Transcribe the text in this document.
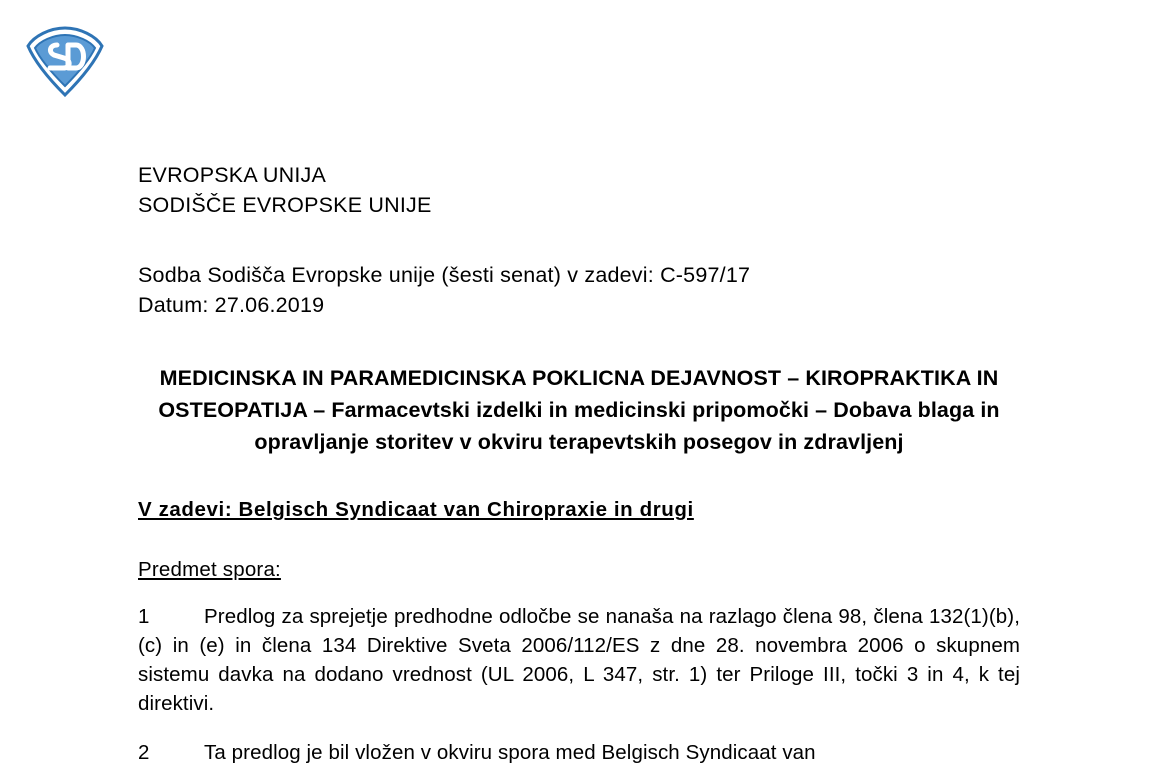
EVROPSKA UNIJA
SODIŠČE EVROPSKE UNIJE
Sodba Sodišča Evropske unije (šesti senat) v zadevi: C-597/17
Datum: 27.06.2019
MEDICINSKA IN PARAMEDICINSKA POKLICNA DEJAVNOST – KIROPRAKTIKA IN OSTEOPATIJA – Farmacevtski izdelki in medicinski pripomočki – Dobava blaga in opravljanje storitev v okviru terapevtskih posegov in zdravljenj
V zadevi: Belgisch Syndicaat van Chiropraxie in drugi
Predmet spora:
1	Predlog za sprejetje predhodne odločbe se nanaša na razlago člena 98, člena 132(1)(b), (c) in (e) in člena 134 Direktive Sveta 2006/112/ES z dne 28. novembra 2006 o skupnem sistemu davka na dodano vrednost (UL 2006, L 347, str. 1) ter Priloge III, točki 3 in 4, k tej direktivi.
2	Ta predlog je bil vložen v okviru spora med Belgisch Syndicaat van
